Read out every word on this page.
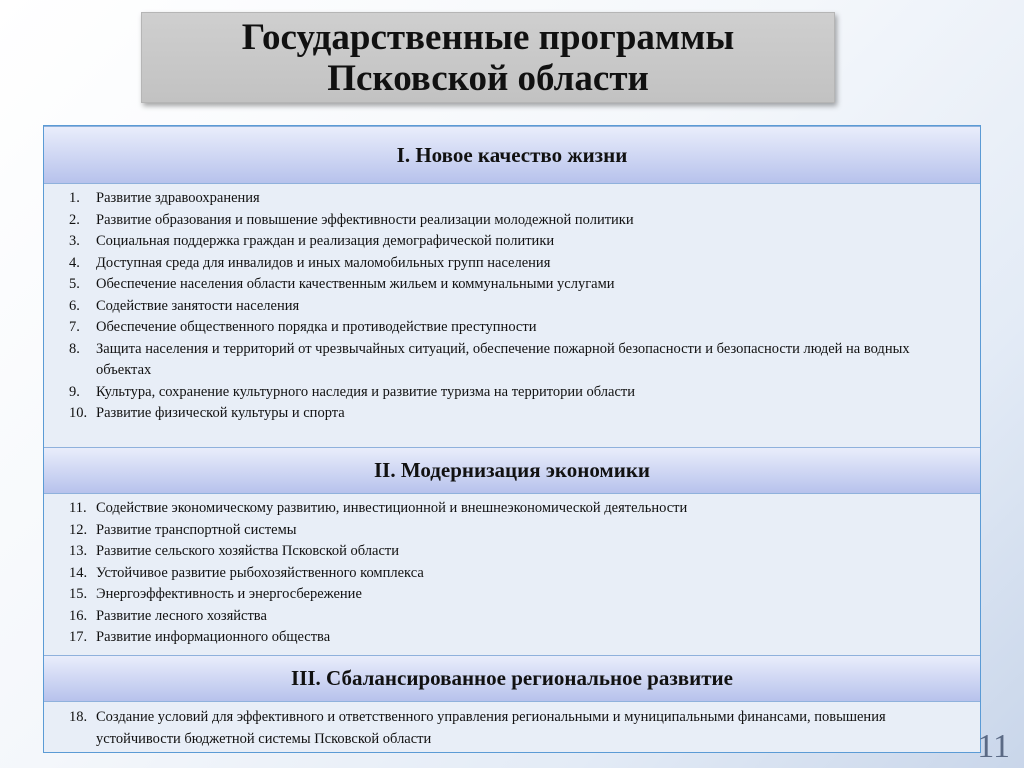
Государственные программы
Псковской области
I. Новое качество жизни
1.	Развитие здравоохранения
2.	Развитие образования и повышение эффективности реализации молодежной политики
3.	Социальная поддержка граждан и реализация демографической политики
4.	Доступная среда для инвалидов и иных маломобильных групп населения
5.	Обеспечение населения области качественным жильем и коммунальными услугами
6.	Содействие занятости населения
7.	Обеспечение общественного порядка и противодействие преступности
8.	Защита населения и территорий от чрезвычайных ситуаций, обеспечение пожарной безопасности и безопасности людей на водных объектах
9.	Культура, сохранение культурного наследия и развитие туризма на территории области
10. Развитие физической культуры и спорта
II. Модернизация экономики
11. Содействие экономическому развитию, инвестиционной и внешнеэкономической деятельности
12. Развитие транспортной системы
13. Развитие сельского хозяйства Псковской области
14. Устойчивое развитие рыбохозяйственного комплекса
15. Энергоэффективность и энергосбережение
16. Развитие лесного хозяйства
17. Развитие информационного общества
III. Сбалансированное региональное развитие
18. Создание условий для эффективного и ответственного управления региональными и муниципальными финансами, повышения устойчивости бюджетной системы Псковской области	11
